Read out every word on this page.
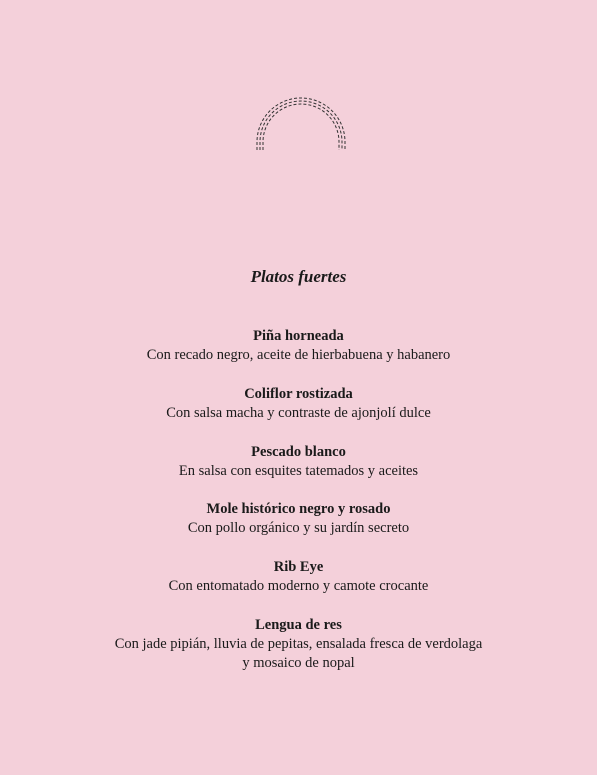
Platos fuertes
Piña horneada
Con recado negro, aceite de hierbabuena y habanero
Coliflor rostizada
Con salsa macha y contraste de ajonjolí dulce
Pescado blanco
En salsa con esquites tatemados y aceites
Mole histórico negro y rosado
Con pollo orgánico y su jardín secreto
Rib Eye
Con entomatado moderno y camote crocante
Lengua de res
Con jade pipián, lluvia de pepitas, ensalada fresca de verdolaga
y mosaico de nopal
